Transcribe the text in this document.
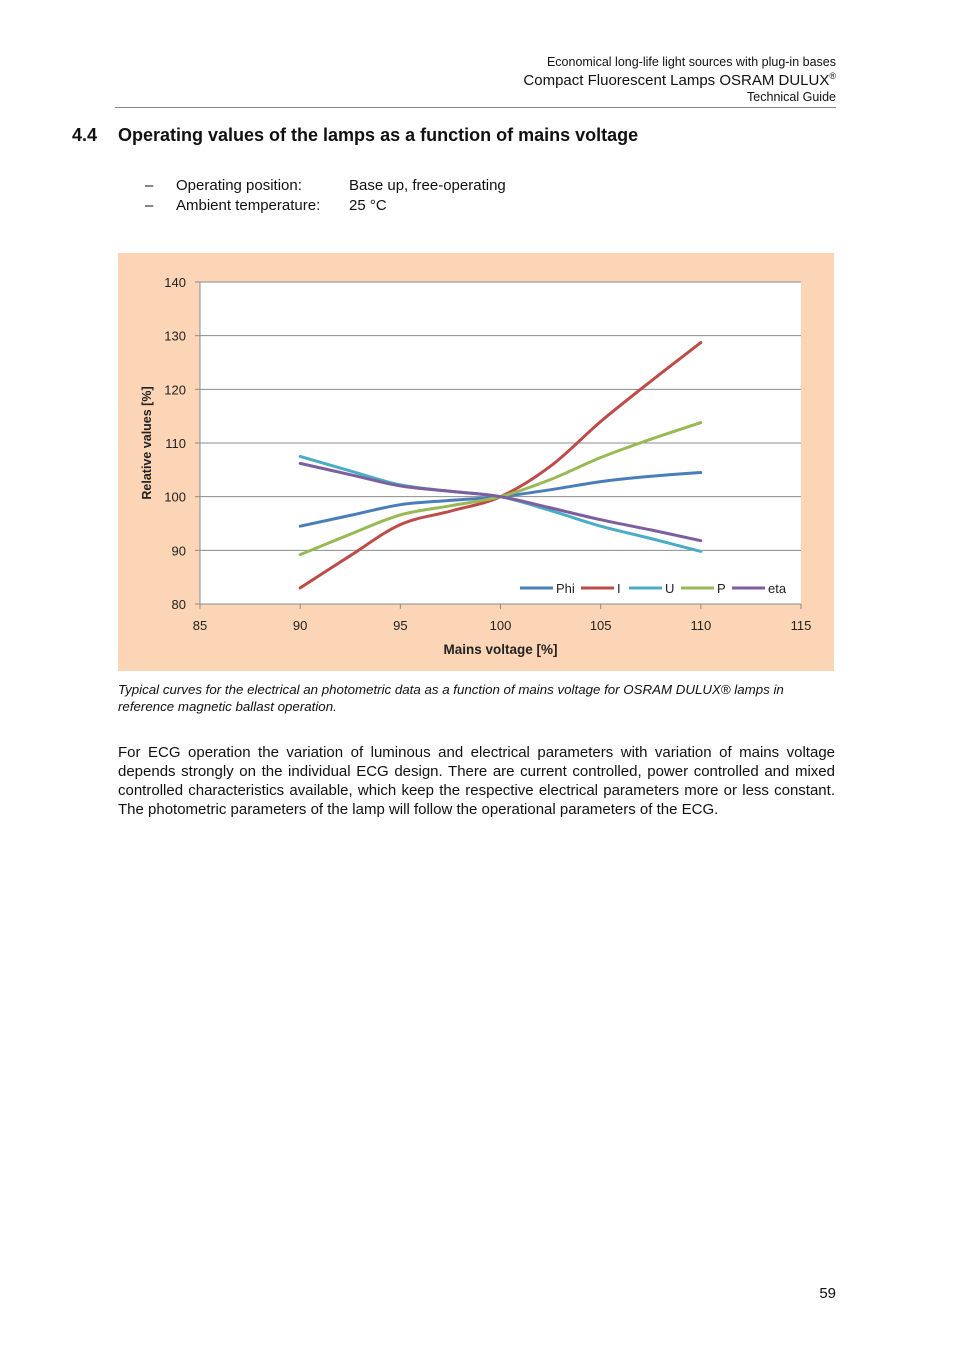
Economical long-life light sources with plug-in bases
Compact Fluorescent Lamps OSRAM DULUX®
Technical Guide
4.4 Operating values of the lamps as a function of mains voltage
– Operating position:	Base up, free-operating
– Ambient temperature: 25 °C
80
90
100
110
120
130
140
85	90	95	100	105	110	115
Phi	I	U	P	eta
Mains voltage [%]
Relative values [%]
Typical curves for the electrical an photometric data as a function of mains voltage for OSRAM DULUX® lamps in reference magnetic ballast operation.
For ECG operation the variation of luminous and electrical parameters with variation of mains voltage depends strongly on the individual ECG design. There are current controlled, power controlled and mixed controlled characteristics available, which keep the respective electrical parameters more or less constant. The photometric parameters of the lamp will follow the operational parameters of the ECG.
59
